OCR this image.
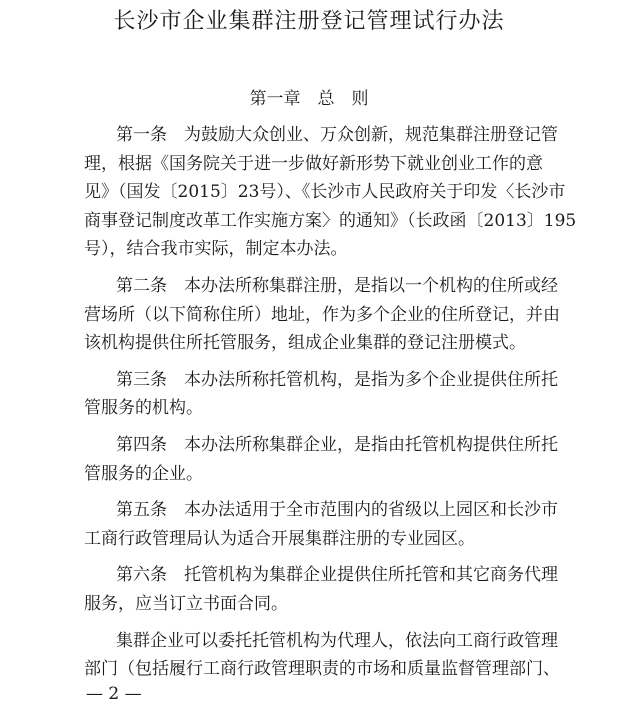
长沙市企业集群注册登记管理试行办法
第一章　总　则
第一条　为鼓励大众创业、万众创新，规范集群注册登记管
理，根据《国务院关于进一步做好新形势下就业创业工作的意
见》（国发〔2015〕23号）、《长沙市人民政府关于印发〈长沙市
商事登记制度改革工作实施方案〉的通知》（长政函〔2013〕195
号），结合我市实际，制定本办法。
第二条　本办法所称集群注册，是指以一个机构的住所或经
营场所（以下简称住所）地址，作为多个企业的住所登记，并由
该机构提供住所托管服务，组成企业集群的登记注册模式。
第三条　本办法所称托管机构，是指为多个企业提供住所托
管服务的机构。
第四条　本办法所称集群企业，是指由托管机构提供住所托
管服务的企业。
第五条　本办法适用于全市范围内的省级以上园区和长沙市
工商行政管理局认为适合开展集群注册的专业园区。
第六条　托管机构为集群企业提供住所托管和其它商务代理
服务，应当订立书面合同。
集群企业可以委托托管机构为代理人，依法向工商行政管理
部门（包括履行工商行政管理职责的市场和质量监督管理部门、
— 2 —
